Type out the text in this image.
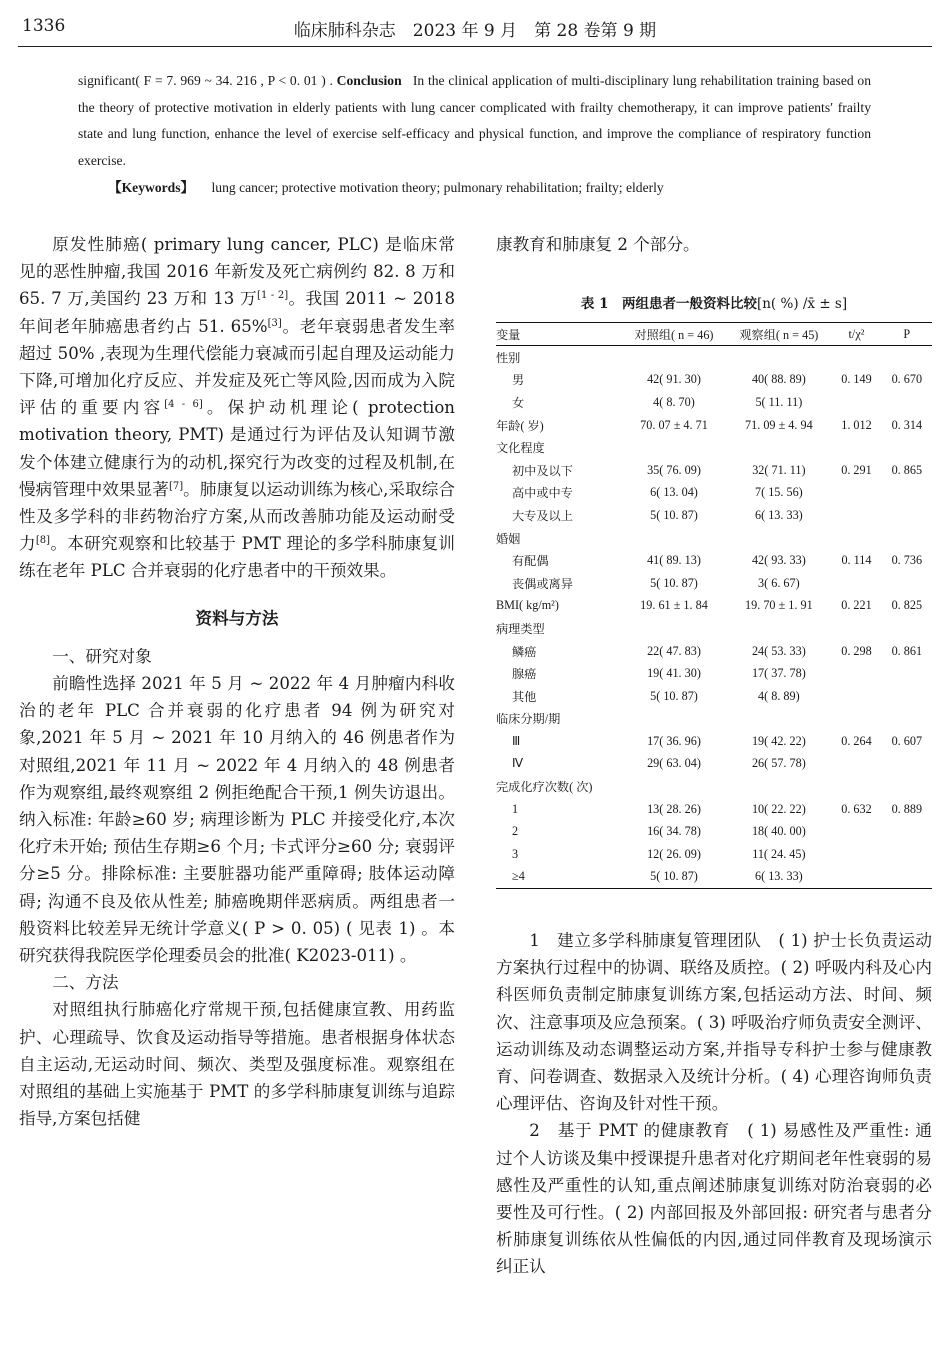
1336	临床肺科杂志　2023 年 9 月　第 28 卷第 9 期
significant( F = 7. 969 ~ 34. 216 , P < 0. 01 ) . Conclusion In the clinical application of multi-disciplinary lung rehabilitation training based on the theory of protective motivation in elderly patients with lung cancer complicated with frailty chemotherapy, it can improve patients′ frailty state and lung function, enhance the level of exercise self-efficacy and physical function, and improve the compliance of respiratory function exercise.
【Keywords】 lung cancer; protective motivation theory; pulmonary rehabilitation; frailty; elderly

原发性肺癌( primary lung cancer, PLC) 是临床常见的恶性肿瘤,我国 2016 年新发及死亡病例约 82. 8 万和 65. 7 万,美国约 23 万和 13 万[1 - 2]。我国 2011 ~ 2018 年间老年肺癌患者约占 51. 65%[3]。老年衰弱患者发生率超过 50% ,表现为生理代偿能力衰减而引起自理及运动能力下降,可增加化疗反应、并发症及死亡等风险,因而成为入院评估的重要内容[4 - 6]。保护动机理论( protection motivation theory, PMT) 是通过行为评估及认知调节激发个体建立健康行为的动机,探究行为改变的过程及机制,在慢病管理中效果显著[7]。肺康复以运动训练为核心,采取综合性及多学科的非药物治疗方案,从而改善肺功能及运动耐受力[8]。本研究观察和比较基于 PMT 理论的多学科肺康复训练在老年 PLC 合并衰弱的化疗患者中的干预效果。

资料与方法

一、研究对象

前瞻性选择 2021 年 5 月 ~ 2022 年 4 月肿瘤内科收治的老年 PLC 合并衰弱的化疗患者 94 例为研究对象,2021 年 5 月 ~ 2021 年 10 月纳入的 46 例患者作为对照组,2021 年 11 月 ~ 2022 年 4 月纳入的 48 例患者作为观察组,最终观察组 2 例拒绝配合干预,1 例失访退出。纳入标准: 年龄≥60 岁; 病理诊断为 PLC 并接受化疗,本次化疗未开始; 预估生存期≥6 个月; 卡式评分≥60 分; 衰弱评分≥5 分。排除标准: 主要脏器功能严重障碍; 肢体运动障碍; 沟通不良及依从性差; 肺癌晚期伴恶病质。两组患者一般资料比较差异无统计学意义( P > 0. 05) ( 见表 1) 。本研究获得我院医学伦理委员会的批准( K2023-011) 。

二、方法

对照组执行肺癌化疗常规干预,包括健康宣教、用药监护、心理疏导、饮食及运动指导等措施。患者根据身体状态自主运动,无运动时间、频次、类型及强度标准。观察组在对照组的基础上实施基于 PMT 的多学科肺康复训练与追踪指导,方案包括健

康教育和肺康复 2 个部分。

表 1　两组患者一般资料比较[n( %) /x̄ ± s]
变量	对照组( n = 46)	观察组( n = 45)	t/χ²	P
性别				
男	42( 91. 30)	40( 88. 89)	0. 149	0. 670
女	4( 8. 70)	5( 11. 11)		
年龄( 岁)	70. 07 ± 4. 71	71. 09 ± 4. 94	1. 012	0. 314
文化程度				
初中及以下	35( 76. 09)	32( 71. 11)	0. 291	0. 865
高中或中专	6( 13. 04)	7( 15. 56)		
大专及以上	5( 10. 87)	6( 13. 33)		
婚姻				
有配偶	41( 89. 13)	42( 93. 33)	0. 114	0. 736
丧偶或离异	5( 10. 87)	3( 6. 67)		
BMI( kg/m²)	19. 61 ± 1. 84	19. 70 ± 1. 91	0. 221	0. 825
病理类型				
鳞癌	22( 47. 83)	24( 53. 33)	0. 298	0. 861
腺癌	19( 41. 30)	17( 37. 78)		
其他	5( 10. 87)	4( 8. 89)		
临床分期/期				
Ⅲ	17( 36. 96)	19( 42. 22)	0. 264	0. 607
Ⅳ	29( 63. 04)	26( 57. 78)		
完成化疗次数( 次)				
1	13( 28. 26)	10( 22. 22)	0. 632	0. 889
2	16( 34. 78)	18( 40. 00)		
3	12( 26. 09)	11( 24. 45)		
≥4	5( 10. 87)	6( 13. 33)		

1　建立多学科肺康复管理团队　( 1) 护士长负责运动方案执行过程中的协调、联络及质控。( 2) 呼吸内科及心内科医师负责制定肺康复训练方案,包括运动方法、时间、频次、注意事项及应急预案。( 3) 呼吸治疗师负责安全测评、运动训练及动态调整运动方案,并指导专科护士参与健康教育、问卷调查、数据录入及统计分析。( 4) 心理咨询师负责心理评估、咨询及针对性干预。

2　基于 PMT 的健康教育　( 1) 易感性及严重性: 通过个人访谈及集中授课提升患者对化疗期间老年性衰弱的易感性及严重性的认知,重点阐述肺康复训练对防治衰弱的必要性及可行性。( 2) 内部回报及外部回报: 研究者与患者分析肺康复训练依从性偏低的内因,通过同伴教育及现场演示纠正认
